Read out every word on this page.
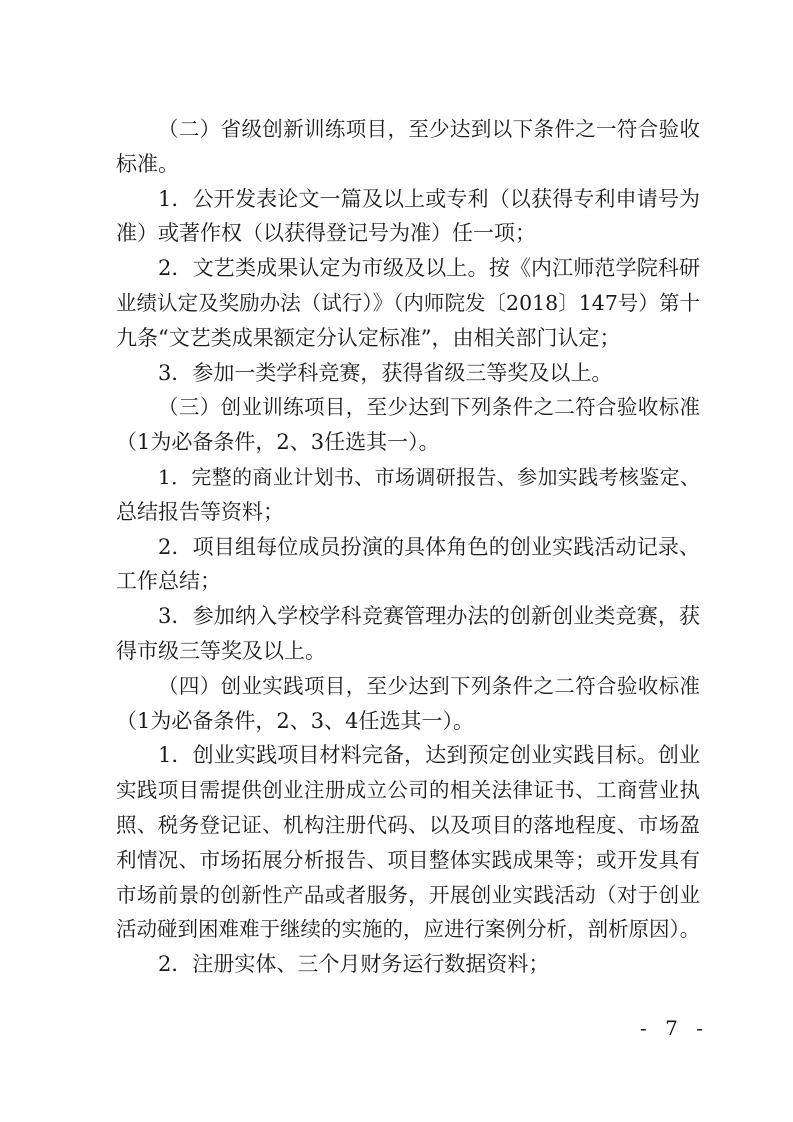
（二）省级创新训练项目，至少达到以下条件之一符合验收
标准。
1．公开发表论文一篇及以上或专利（以获得专利申请号为
准）或著作权（以获得登记号为准）任一项；
2．文艺类成果认定为市级及以上。按《内江师范学院科研
业绩认定及奖励办法（试行）》（内师院发〔2018〕147号）第十
九条“文艺类成果额定分认定标准”，由相关部门认定；
3．参加一类学科竞赛，获得省级三等奖及以上。
（三）创业训练项目，至少达到下列条件之二符合验收标准
（1为必备条件，2、3任选其一）。
1．完整的商业计划书、市场调研报告、参加实践考核鉴定、
总结报告等资料；
2．项目组每位成员扮演的具体角色的创业实践活动记录、
工作总结；
3．参加纳入学校学科竞赛管理办法的创新创业类竞赛，获
得市级三等奖及以上。
（四）创业实践项目，至少达到下列条件之二符合验收标准
（1为必备条件，2、3、4任选其一）。
1．创业实践项目材料完备，达到预定创业实践目标。创业
实践项目需提供创业注册成立公司的相关法律证书、工商营业执
照、税务登记证、机构注册代码、以及项目的落地程度、市场盈
利情况、市场拓展分析报告、项目整体实践成果等；或开发具有
市场前景的创新性产品或者服务，开展创业实践活动（对于创业
活动碰到困难难于继续的实施的，应进行案例分析，剖析原因）。
2．注册实体、三个月财务运行数据资料；
- 7 -
